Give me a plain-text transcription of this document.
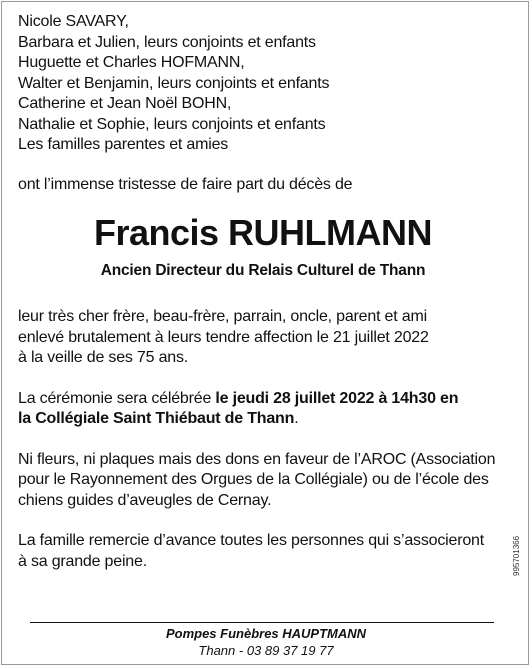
Nicole SAVARY,
Barbara et Julien, leurs conjoints et enfants
Huguette et Charles HOFMANN,
Walter et Benjamin, leurs conjoints et enfants
Catherine et Jean Noël BOHN,
Nathalie et Sophie, leurs conjoints et enfants
Les familles parentes et amies
ont l’immense tristesse de faire part du décès de
Francis RUHLMANN
Ancien Directeur du Relais Culturel de Thann
leur très cher frère, beau-frère, parrain, oncle, parent et ami
enlevé brutalement à leurs tendre affection le 21 juillet 2022
à la veille de ses 75 ans.
La cérémonie sera célébrée le jeudi 28 juillet 2022 à 14h30 en
la Collégiale Saint Thiébaut de Thann.
Ni fleurs, ni plaques mais des dons en faveur de l’AROC (Association
pour le Rayonnement des Orgues de la Collégiale) ou de l’école des
chiens guides d’aveugles de Cernay.
La famille remercie d’avance toutes les personnes qui s’associeront
à sa grande peine.
Pompes Funèbres HAUPTMANN
Thann - 03 89 37 19 77
995701366
